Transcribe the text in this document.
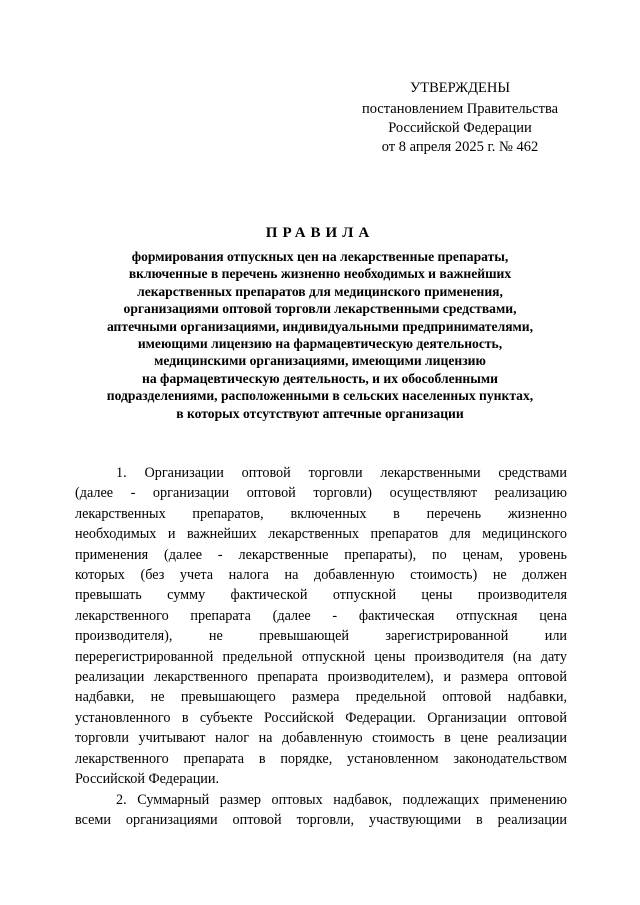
УТВЕРЖДЕНЫ
постановлением Правительства
Российской Федерации
от 8 апреля 2025 г. № 462
ПРАВИЛА
формирования отпускных цен на лекарственные препараты,
включенные в перечень жизненно необходимых и важнейших
лекарственных препаратов для медицинского применения,
организациями оптовой торговли лекарственными средствами,
аптечными организациями, индивидуальными предпринимателями,
имеющими лицензию на фармацевтическую деятельность,
медицинскими организациями, имеющими лицензию
на фармацевтическую деятельность, и их обособленными
подразделениями, расположенными в сельских населенных пунктах,
в которых отсутствуют аптечные организации
1. Организации оптовой торговли лекарственными средствами
(далее - организации оптовой торговли) осуществляют реализацию
лекарственных препаратов, включенных в перечень жизненно
необходимых и важнейших лекарственных препаратов для медицинского
применения (далее - лекарственные препараты), по ценам, уровень
которых (без учета налога на добавленную стоимость) не должен
превышать сумму фактической отпускной цены производителя
лекарственного препарата (далее - фактическая отпускная цена
производителя), не превышающей зарегистрированной или
перерегистрированной предельной отпускной цены производителя (на дату
реализации лекарственного препарата производителем), и размера оптовой
надбавки, не превышающего размера предельной оптовой надбавки,
установленного в субъекте Российской Федерации. Организации оптовой
торговли учитывают налог на добавленную стоимость в цене реализации
лекарственного препарата в порядке, установленном законодательством
Российской Федерации.
2. Суммарный размер оптовых надбавок, подлежащих применению
всеми организациями оптовой торговли, участвующими в реализации
